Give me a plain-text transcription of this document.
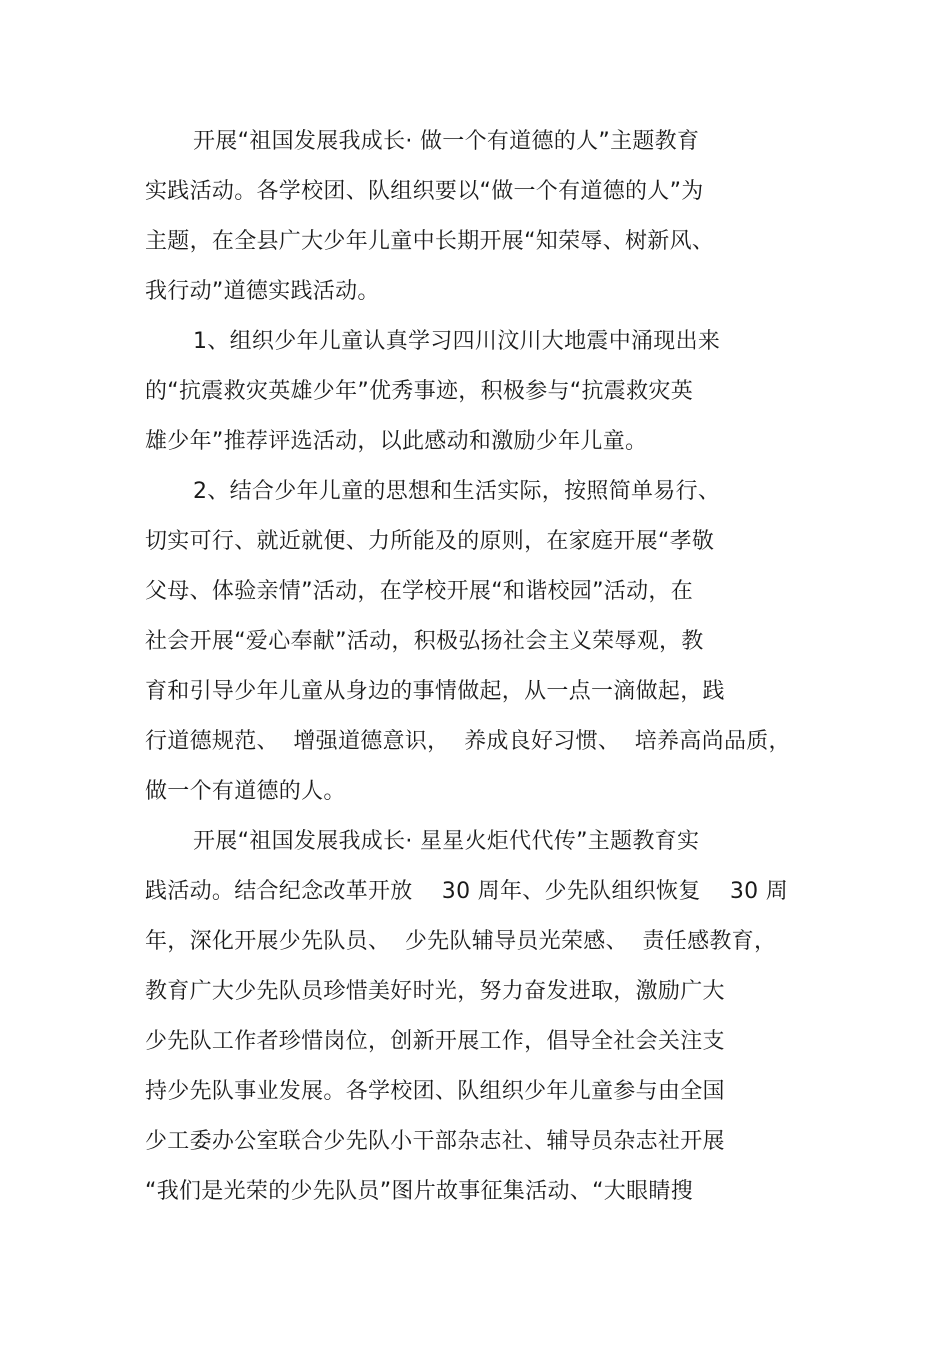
开展“祖国发展我成长· 做一个有道德的人”主题教育
实践活动。各学校团、队组织要以“做一个有道德的人”为
主题，在全县广大少年儿童中长期开展“知荣辱、树新风、
我行动”道德实践活动。
1、组织少年儿童认真学习四川汶川大地震中涌现出来
的“抗震救灾英雄少年”优秀事迹，积极参与“抗震救灾英
雄少年”推荐评选活动，以此感动和激励少年儿童。
2、结合少年儿童的思想和生活实际，按照简单易行、
切实可行、就近就便、力所能及的原则，在家庭开展“孝敬
父母、体验亲情”活动，在学校开展“和谐校园”活动，在
社会开展“爱心奉献”活动，积极弘扬社会主义荣辱观，教
育和引导少年儿童从身边的事情做起，从一点一滴做起，践
行道德规范、  增强道德意识，  养成良好习惯、  培养高尚品质，
做一个有道德的人。
开展“祖国发展我成长· 星星火炬代代传”主题教育实
践活动。结合纪念改革开放    30 周年、少先队组织恢复    30 周
年，深化开展少先队员、  少先队辅导员光荣感、  责任感教育，
教育广大少先队员珍惜美好时光，努力奋发进取，激励广大
少先队工作者珍惜岗位，创新开展工作，倡导全社会关注支
持少先队事业发展。各学校团、队组织少年儿童参与由全国
少工委办公室联合少先队小干部杂志社、辅导员杂志社开展
“我们是光荣的少先队员”图片故事征集活动、“大眼睛搜
